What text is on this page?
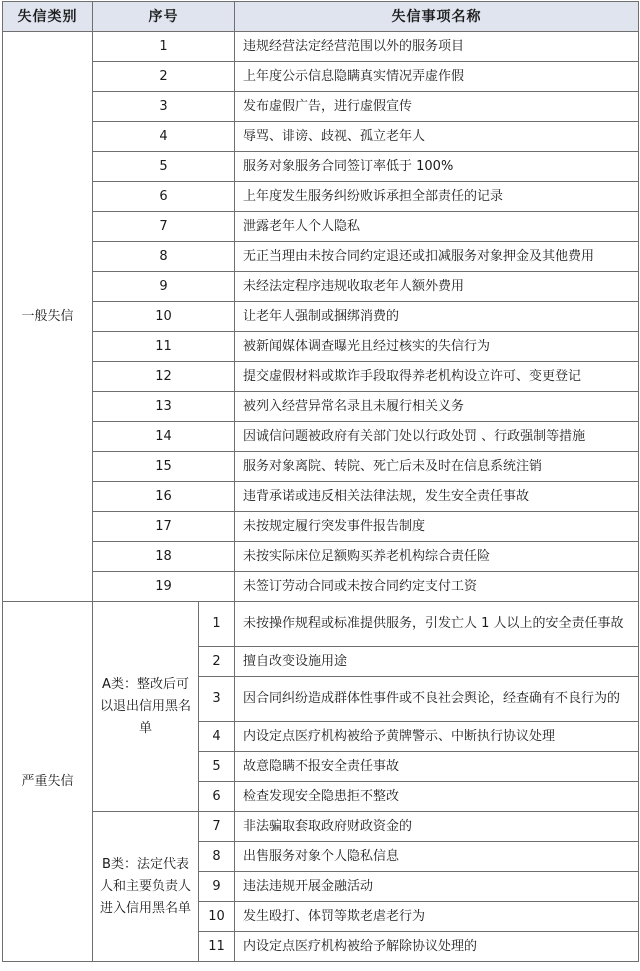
失信类别	序号		失信事项名称
一般失信	1		违规经营法定经营范围以外的服务项目
	2		上年度公示信息隐瞒真实情况弄虚作假
	3		发布虚假广告，进行虚假宣传
	4		辱骂、诽谤、歧视、孤立老年人
	5		服务对象服务合同签订率低于 100%
	6		上年度发生服务纠纷败诉承担全部责任的记录
	7		泄露老年人个人隐私
	8		无正当理由未按合同约定退还或扣减服务对象押金及其他费用
	9		未经法定程序违规收取老年人额外费用
	10		让老年人强制或捆绑消费的
	11		被新闻媒体调查曝光且经过核实的失信行为
	12		提交虚假材料或欺诈手段取得养老机构设立许可、变更登记
	13		被列入经营异常名录且未履行相关义务
	14		因诚信问题被政府有关部门处以行政处罚 、行政强制等措施
	15		服务对象离院、转院、死亡后未及时在信息系统注销
	16		违背承诺或违反相关法律法规，发生安全责任事故
	17		未按规定履行突发事件报告制度
	18		未按实际床位足额购买养老机构综合责任险
	19		未签订劳动合同或未按合同约定支付工资
严重失信	A类：整改后可以退出信用黑名单	1	未按操作规程或标准提供服务，引发亡人 1 人以上的安全责任事故
		2	擅自改变设施用途
		3	因合同纠纷造成群体性事件或不良社会舆论，经查确有不良行为的
		4	内设定点医疗机构被给予黄牌警示、中断执行协议处理
		5	故意隐瞒不报安全责任事故
		6	检查发现安全隐患拒不整改
	B类：法定代表人和主要负责人进入信用黑名单	7	非法骗取套取政府财政资金的
		8	出售服务对象个人隐私信息
		9	违法违规开展金融活动
		10	发生殴打、体罚等欺老虐老行为
		11	内设定点医疗机构被给予解除协议处理的
